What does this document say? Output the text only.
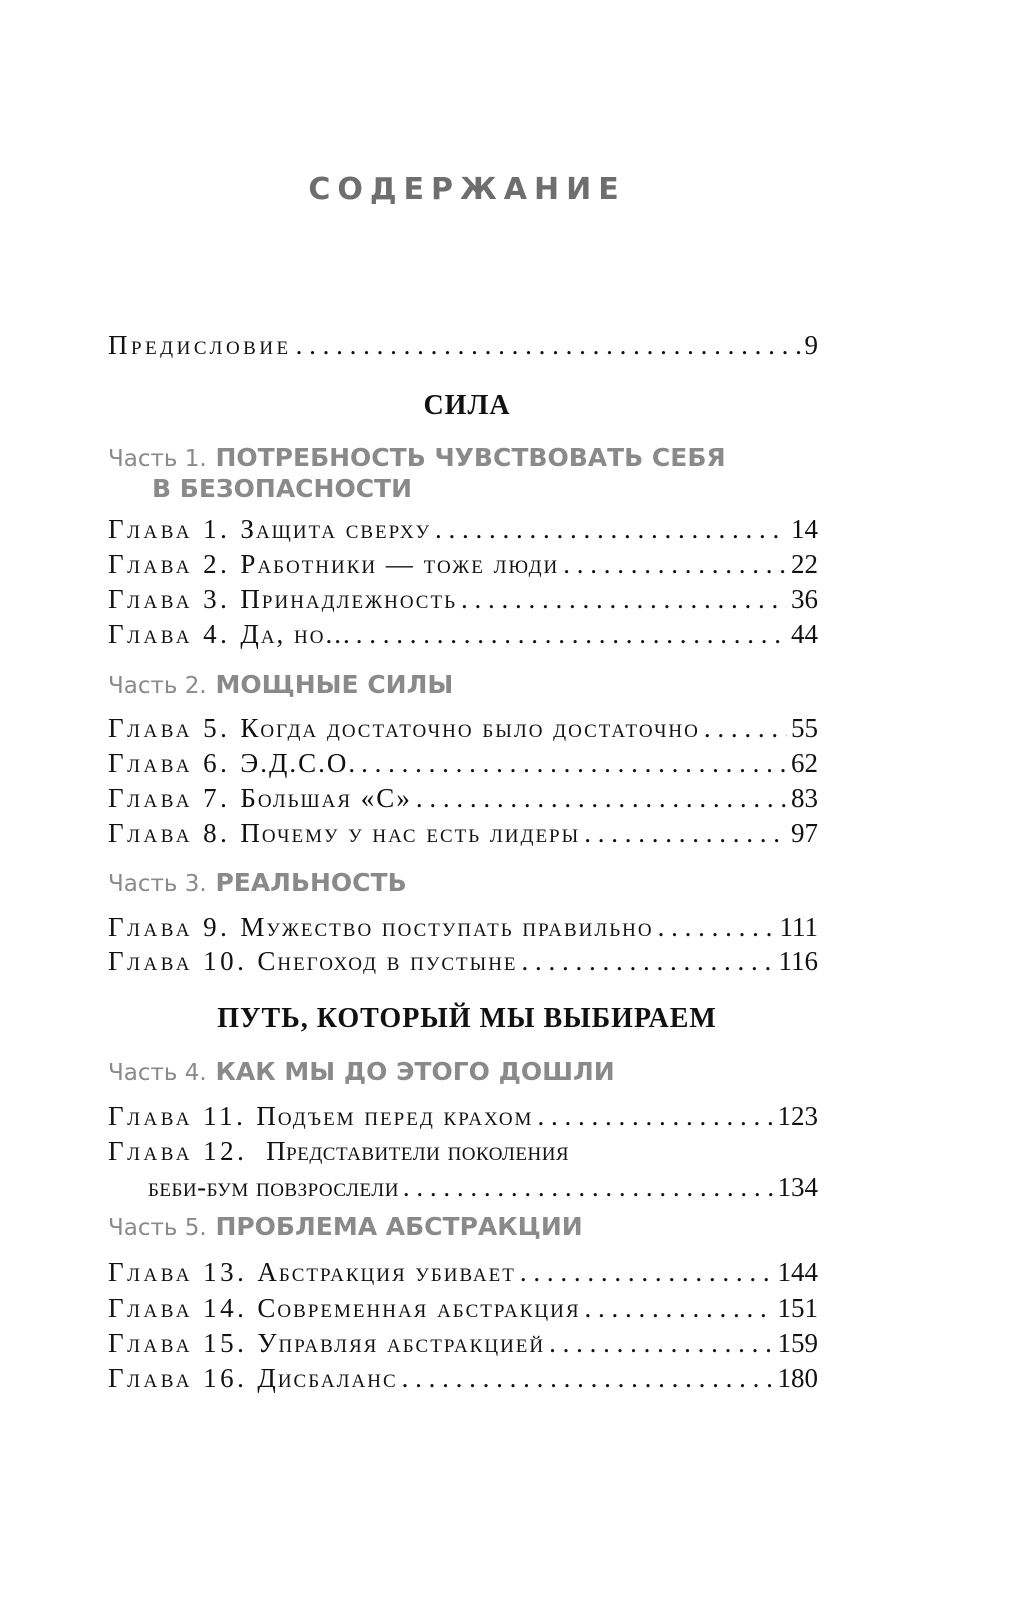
СОДЕРЖАНИЕ
Предисловие . . .	9
СИЛА
Часть 1. ПОТРЕБНОСТЬ ЧУВСТВОВАТЬ СЕБЯ
В БЕЗОПАСНОСТИ
Глава 1. Защита сверху . . .	14
Глава 2. Работники — тоже люди . . .	22
Глава 3. Принадлежность . . .	36
Глава 4. Да, но... . . .	44
Часть 2. МОЩНЫЕ СИЛЫ
Глава 5. Когда достаточно было достаточно . . .	55
Глава 6. Э.Д.С.О. . . .	62
Глава 7. Большая «С» . . .	83
Глава 8. Почему у нас есть лидеры . . .	97
Часть 3. РЕАЛЬНОСТЬ
Глава 9. Мужество поступать правильно . . .	111
Глава 10. Снегоход в пустыне . . .	116
ПУТЬ, КОТОРЫЙ МЫ ВЫБИРАЕМ
Часть 4. КАК МЫ ДО ЭТОГО ДОШЛИ
Глава 11. Подъем перед крахом . . .	123
Глава 12. Представители поколения
беби-бум повзрослели . . .	134
Часть 5. ПРОБЛЕМА АБСТРАКЦИИ
Глава 13. Абстракция убивает . . .	144
Глава 14. Современная абстракция . . .	151
Глава 15. Управляя абстракцией . . .	159
Глава 16. Дисбаланс . . .	180
